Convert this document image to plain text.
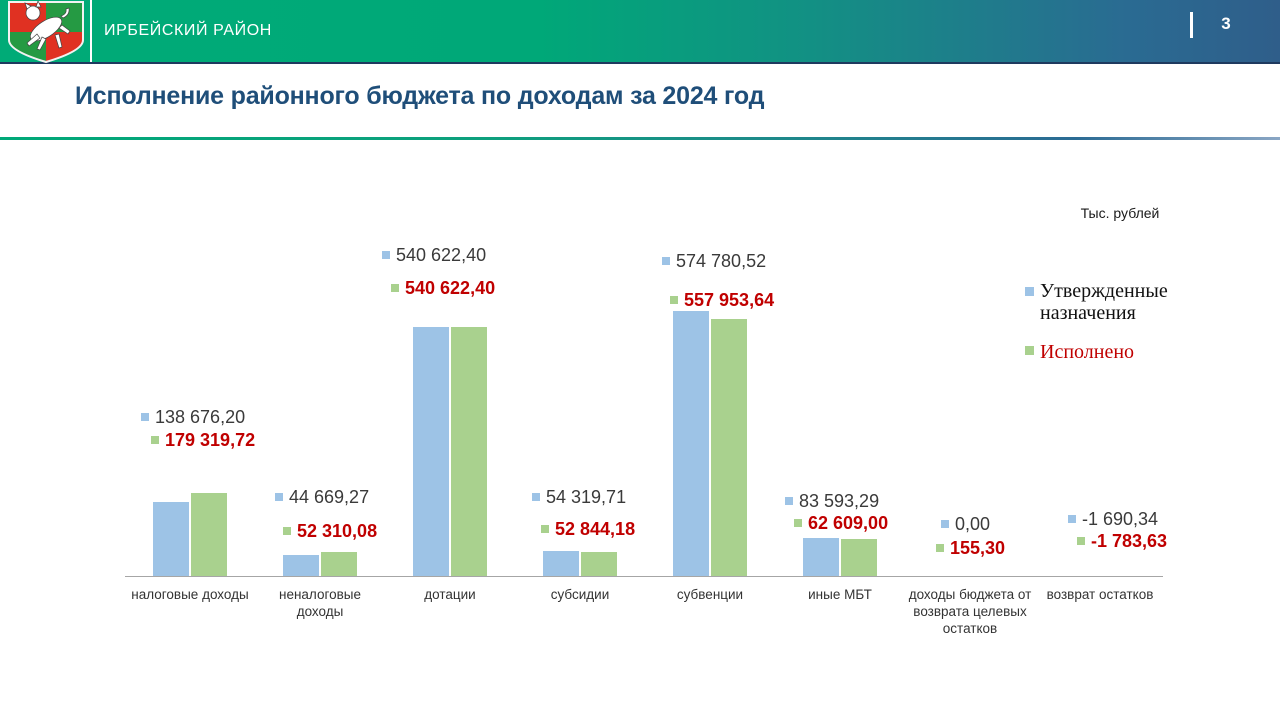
ИРБЕЙСКИЙ РАЙОН	3
Исполнение районного бюджета по доходам за 2024 год
Тыс. рублей
Утвержденные назначения
Исполнено
138 676,20
179 319,72
налоговые доходы
44 669,27
52 310,08
неналоговые доходы
540 622,40
540 622,40
дотации
54 319,71
52 844,18
субсидии
574 780,52
557 953,64
субвенции
83 593,29
62 609,00
иные МБТ
0,00
155,30
доходы бюджета от возврата целевых остатков
-1 690,34
-1 783,63
возврат остатков
